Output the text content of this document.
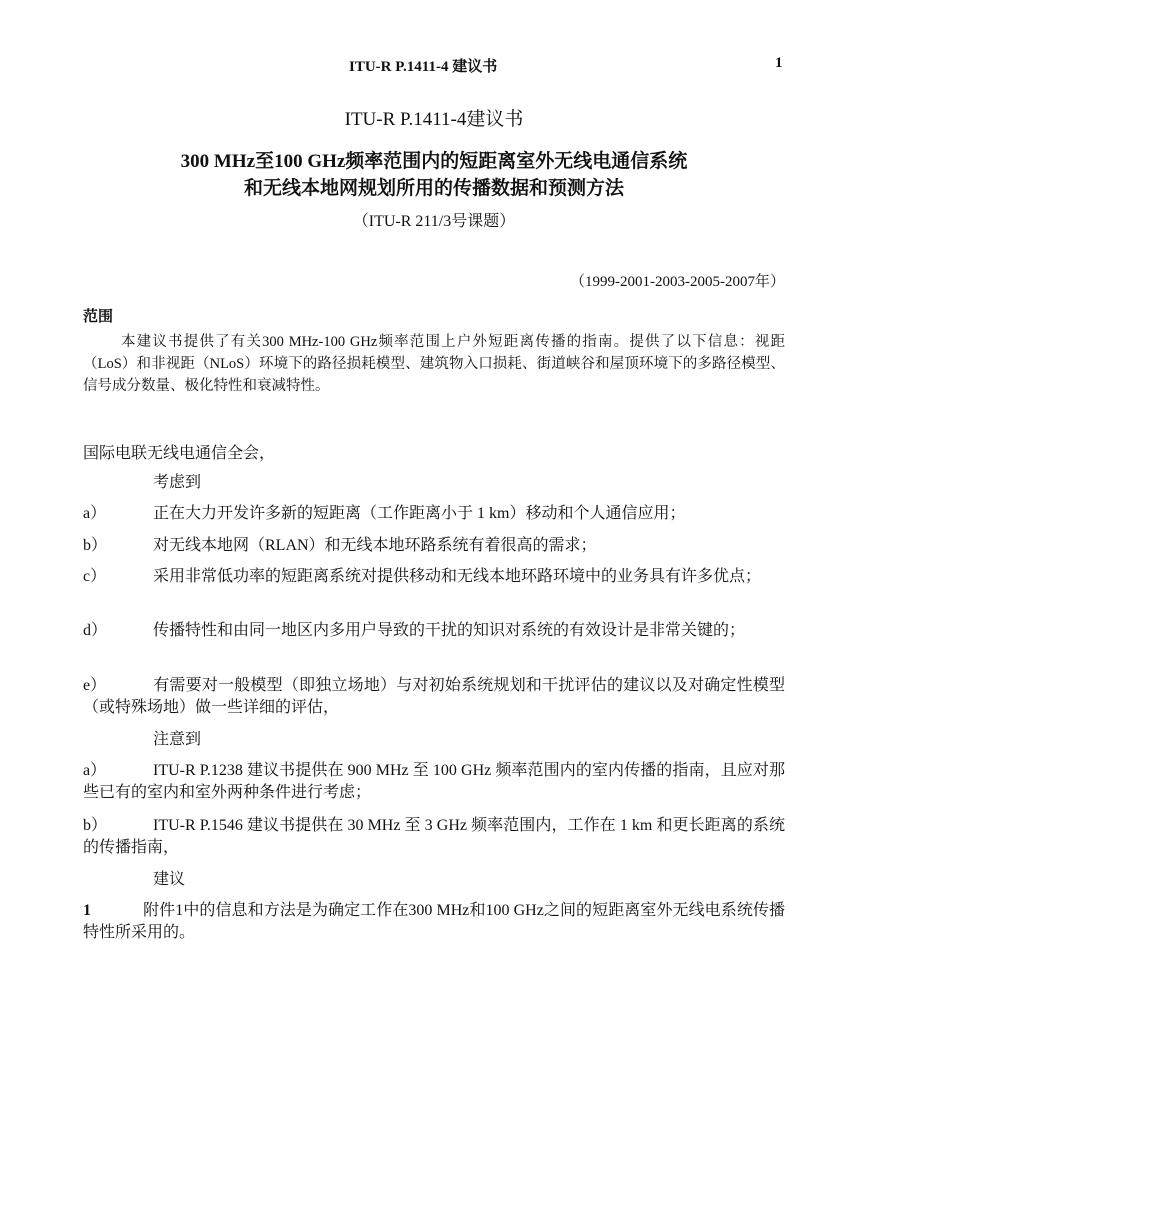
ITU-R P.1411-4 建议书	1
ITU-R P.1411-4建议书
300 MHz至100 GHz频率范围内的短距离室外无线电通信系统
和无线本地网规划所用的传播数据和预测方法
（ITU-R 211/3号课题）
（1999-2001-2003-2005-2007年）
范围
本建议书提供了有关300 MHz-100 GHz频率范围上户外短距离传播的指南。提供了以下信息：视距（LoS）和非视距（NLoS）环境下的路径损耗模型、建筑物入口损耗、街道峡谷和屋顶环境下的多路径模型、信号成分数量、极化特性和衰减特性。
国际电联无线电通信全会，
考虑到
a）	正在大力开发许多新的短距离（工作距离小于 1 km）移动和个人通信应用；
b）	对无线本地网（RLAN）和无线本地环路系统有着很高的需求；
c）	采用非常低功率的短距离系统对提供移动和无线本地环路环境中的业务具有许多优点；
d）	传播特性和由同一地区内多用户导致的干扰的知识对系统的有效设计是非常关键的；
e）	有需要对一般模型（即独立场地）与对初始系统规划和干扰评估的建议以及对确定性模型（或特殊场地）做一些详细的评估，
注意到
a）	ITU-R P.1238 建议书提供在 900 MHz 至 100 GHz 频率范围内的室内传播的指南，且应对那些已有的室内和室外两种条件进行考虑；
b）	ITU-R P.1546 建议书提供在 30 MHz 至 3 GHz 频率范围内，工作在 1 km 和更长距离的系统的传播指南，
建议
1	附件1中的信息和方法是为确定工作在300 MHz和100 GHz之间的短距离室外无线电系统传播特性所采用的。
